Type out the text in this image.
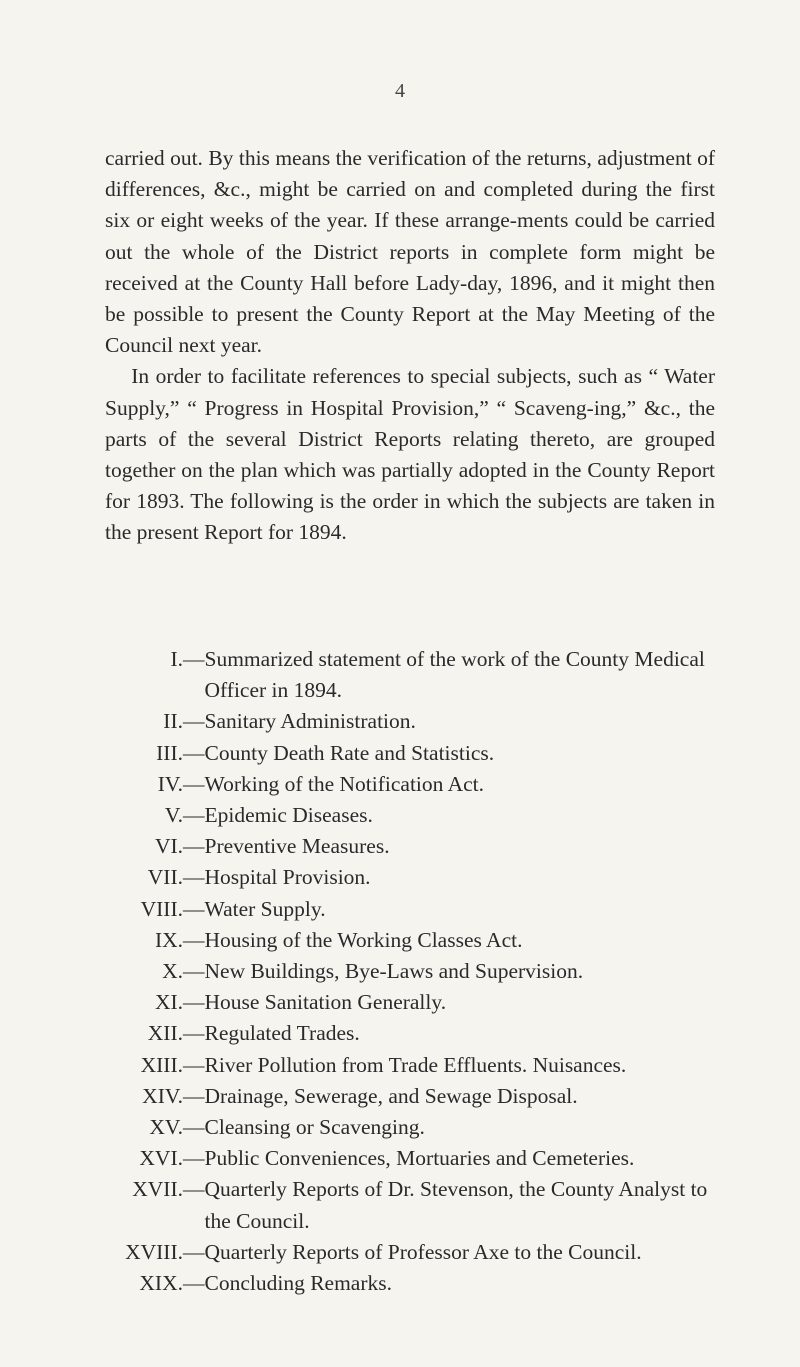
4

carried out. By this means the verification of the returns, adjustment of differences, &c., might be carried on and completed during the first six or eight weeks of the year. If these arrange-ments could be carried out the whole of the District reports in complete form might be received at the County Hall before Lady-day, 1896, and it might then be possible to present the County Report at the May Meeting of the Council next year.

In order to facilitate references to special subjects, such as “ Water Supply,” “ Progress in Hospital Provision,” “ Scaveng-ing,” &c., the parts of the several District Reports relating thereto, are grouped together on the plan which was partially adopted in the County Report for 1893. The following is the order in which the subjects are taken in the present Report for 1894.

I. — Summarized statement of the work of the County Medical Officer in 1894.
II. — Sanitary Administration.
III. — County Death Rate and Statistics.
IV. — Working of the Notification Act.
V. — Epidemic Diseases.
VI. — Preventive Measures.
VII. — Hospital Provision.
VIII. — Water Supply.
IX. — Housing of the Working Classes Act.
X. — New Buildings, Bye-Laws and Supervision.
XI. — House Sanitation Generally.
XII. — Regulated Trades.
XIII. — River Pollution from Trade Effluents. Nuisances.
XIV. — Drainage, Sewerage, and Sewage Disposal.
XV. — Cleansing or Scavenging.
XVI. — Public Conveniences, Mortuaries and Cemeteries.
XVII. — Quarterly Reports of Dr. Stevenson, the County Analyst to the Council.
XVIII. — Quarterly Reports of Professor Axe to the Council.
XIX. — Concluding Remarks.
